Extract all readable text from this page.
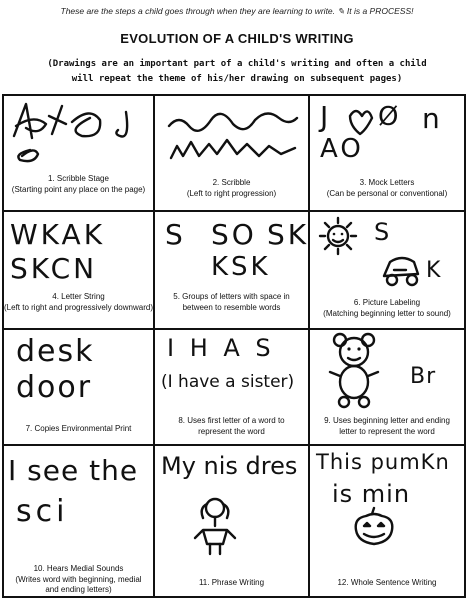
These are the steps a child goes through when they are learning to write. ✎ It is a PROCESS!
EVOLUTION OF A CHILD'S WRITING
(Drawings are an important part of a child's writing and often a child will repeat the theme of his/her drawing on subsequent pages)
1. Scribble Stage
(Starting point any place on the page)
2. Scribble
(Left to right progression)
J Ø n
AO
3. Mock Letters
(Can be personal or conventional)
WKAK
SKCN
4. Letter String
(Left to right and progressively downward)
S SO SK
KSK
5. Groups of letters with space in between to resemble words
S
K
6. Picture Labeling
(Matching beginning letter to sound)
desk
door
7. Copies Environmental Print
I H A S
(I have a sister)
8. Uses first letter of a word to represent the word
Br
9. Uses beginning letter and ending letter to represent the word
I see the
sci
10. Hears Medial Sounds
(Writes word with beginning, medial and ending letters)
My nis dres
11. Phrase Writing
This pumKn
is min
12. Whole Sentence Writing
